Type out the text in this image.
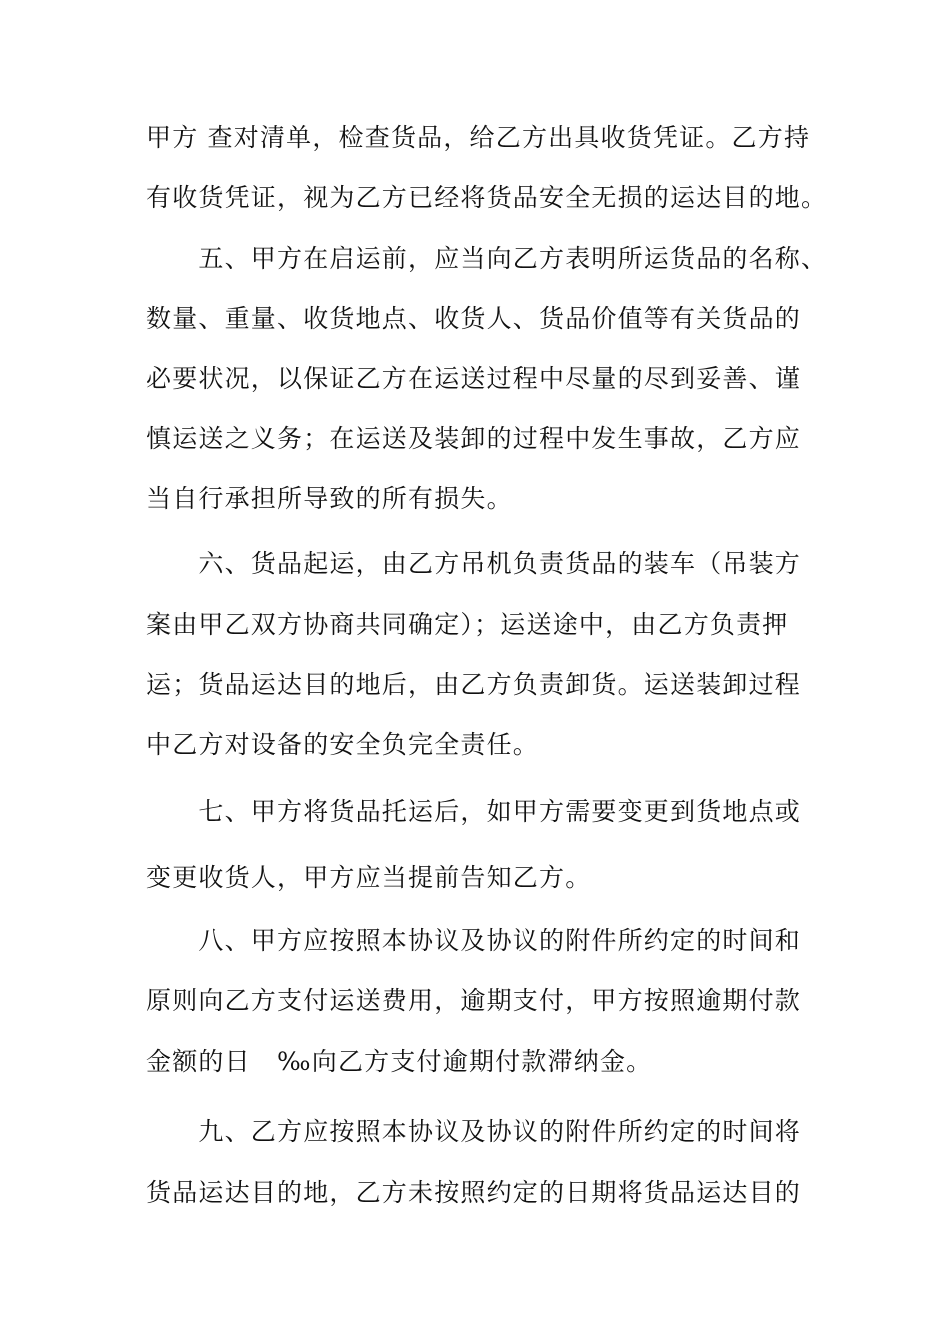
甲方 查对清单，检查货品，给乙方出具收货凭证。乙方持
有收货凭证，视为乙方已经将货品安全无损的运达目的地。
　　五、甲方在启运前，应当向乙方表明所运货品的名称、
数量、重量、收货地点、收货人、货品价值等有关货品的
必要状况，以保证乙方在运送过程中尽量的尽到妥善、谨
慎运送之义务；在运送及装卸的过程中发生事故，乙方应
当自行承担所导致的所有损失。
　　六、货品起运，由乙方吊机负责货品的装车（吊装方
案由甲乙双方协商共同确定）；运送途中，由乙方负责押
运；货品运达目的地后，由乙方负责卸货。运送装卸过程
中乙方对设备的安全负完全责任。
　　七、甲方将货品托运后，如甲方需要变更到货地点或
变更收货人，甲方应当提前告知乙方。
　　八、甲方应按照本协议及协议的附件所约定的时间和
原则向乙方支付运送费用，逾期支付，甲方按照逾期付款
金额的日　‰向乙方支付逾期付款滞纳金。
　　九、乙方应按照本协议及协议的附件所约定的时间将
货品运达目的地，乙方未按照约定的日期将货品运达目的
